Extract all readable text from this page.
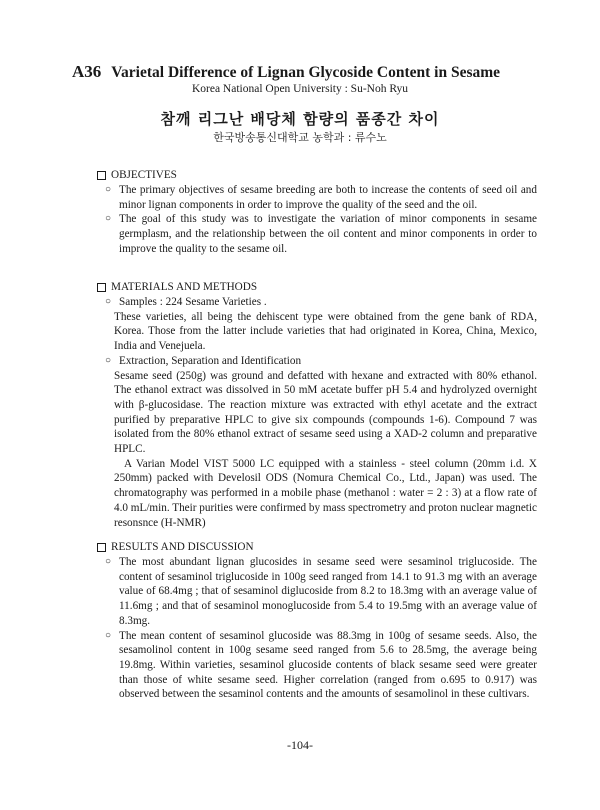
A36 Varietal Difference of Lignan Glycoside Content in Sesame
Korea National Open University : Su-Noh Ryu
참깨 리그난 배당체 함량의 품종간 차이
한국방송통신대학교 농학과 : 류수노
OBJECTIVES
○ The primary objectives of sesame breeding are both to increase the contents of seed oil and minor lignan components in order to improve the quality of the seed and the oil.
○ The goal of this study was to investigate the variation of minor components in sesame germplasm, and the relationship between the oil content and minor components in order to improve the quality to the sesame oil.
MATERIALS AND METHODS
○ Samples : 224 Sesame Varieties .
These varieties, all being the dehiscent type were obtained from the gene bank of RDA, Korea. Those from the latter include varieties that had originated in Korea, China, Mexico, India and Venejuela.
○ Extraction, Separation and Identification
Sesame seed (250g) was ground and defatted with hexane and extracted with 80% ethanol. The ethanol extract was dissolved in 50 mM acetate buffer pH 5.4 and hydrolyzed overnight with β-glucosidase. The reaction mixture was extracted with ethyl acetate and the extract purified by preparative HPLC to give six compounds (compounds 1-6). Compound 7 was isolated from the 80% ethanol extract of sesame seed using a XAD-2 column and preparative HPLC.
A Varian Model VIST 5000 LC equipped with a stainless - steel column (20mm i.d. X 250mm) packed with Develosil ODS (Nomura Chemical Co., Ltd., Japan) was used. The chromatography was performed in a mobile phase (methanol : water = 2 : 3) at a flow rate of 4.0 mL/min. Their purities were confirmed by mass spectrometry and proton nuclear magnetic resonsnce (H-NMR)
RESULTS AND DISCUSSION
○ The most abundant lignan glucosides in sesame seed were sesaminol triglucoside. The content of sesaminol triglucoside in 100g seed ranged from 14.1 to 91.3 mg with an average value of 68.4mg ; that of sesaminol diglucoside from 8.2 to 18.3mg with an average value of 11.6mg ; and that of sesaminol monoglucoside from 5.4 to 19.5mg with an average value of 8.3mg.
○ The mean content of sesaminol glucoside was 88.3mg in 100g of sesame seeds. Also, the sesamolinol content in 100g sesame seed ranged from 5.6 to 28.5mg, the average being 19.8mg. Within varieties, sesaminol glucoside contents of black sesame seed were greater than those of white sesame seed. Higher correlation (ranged from o.695 to 0.917) was observed between the sesaminol contents and the amounts of sesamolinol in these cultivars.
-104-
